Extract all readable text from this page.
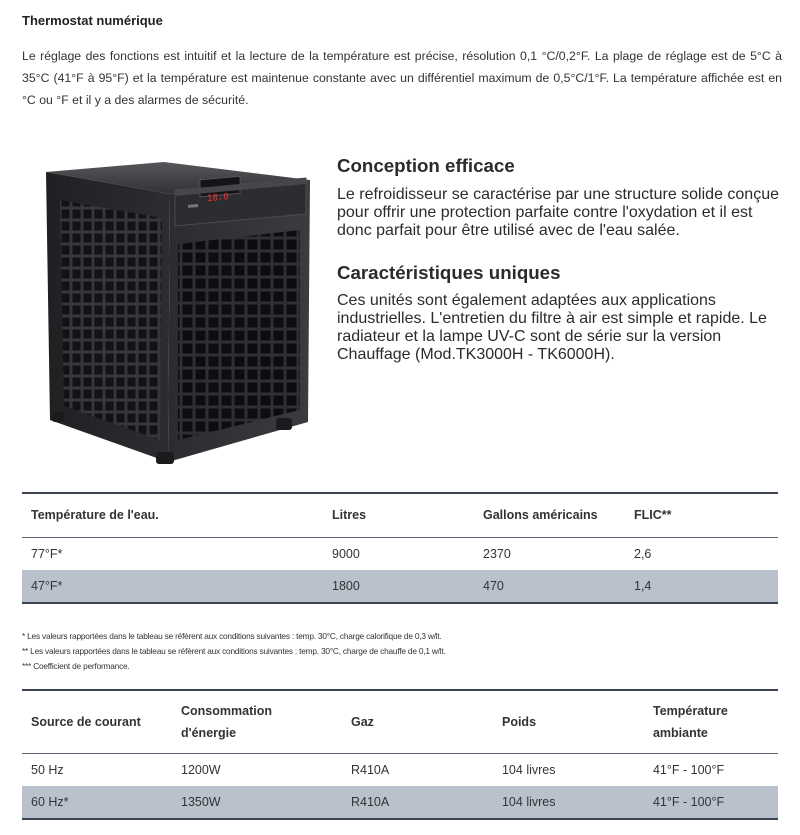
Thermostat numérique

Le réglage des fonctions est intuitif et la lecture de la température est précise, résolution 0,1 °C/0,2°F. La plage de réglage est de 5°C à 35°C (41°F à 95°F) et la température est maintenue constante avec un différentiel maximum de 0,5°C/1°F. La température affichée est en °C ou °F et il y a des alarmes de sécurité.

18.0
Conception efficace

Le refroidisseur se caractérise par une structure solide conçue pour offrir une protection parfaite contre l'oxydation et il est donc parfait pour être utilisé avec de l'eau salée.

Caractéristiques uniques

Ces unités sont également adaptées aux applications industrielles. L'entretien du filtre à air est simple et rapide. Le radiateur et la lampe UV-C sont de série sur la version Chauffage (Mod.TK3000H - TK6000H).

Température de l'eau.	Litres	Gallons américains	FLIC**
77°F*	9000	2370	2,6
47°F*	1800	470	1,4
* Les valeurs rapportées dans le tableau se réfèrent aux conditions suivantes : temp. 30°C, charge calorifique de 0,3 w/lt.
** Les valeurs rapportées dans le tableau se réfèrent aux conditions suivantes : temp. 30°C, charge de chauffe de 0,1 w/lt.
*** Coefficient de performance.
Source de courant	Consommation d'énergie	Gaz	Poids	Température ambiante
50 Hz	1200W	R410A	104 livres	41°F - 100°F
60 Hz*	1350W	R410A	104 livres	41°F - 100°F
